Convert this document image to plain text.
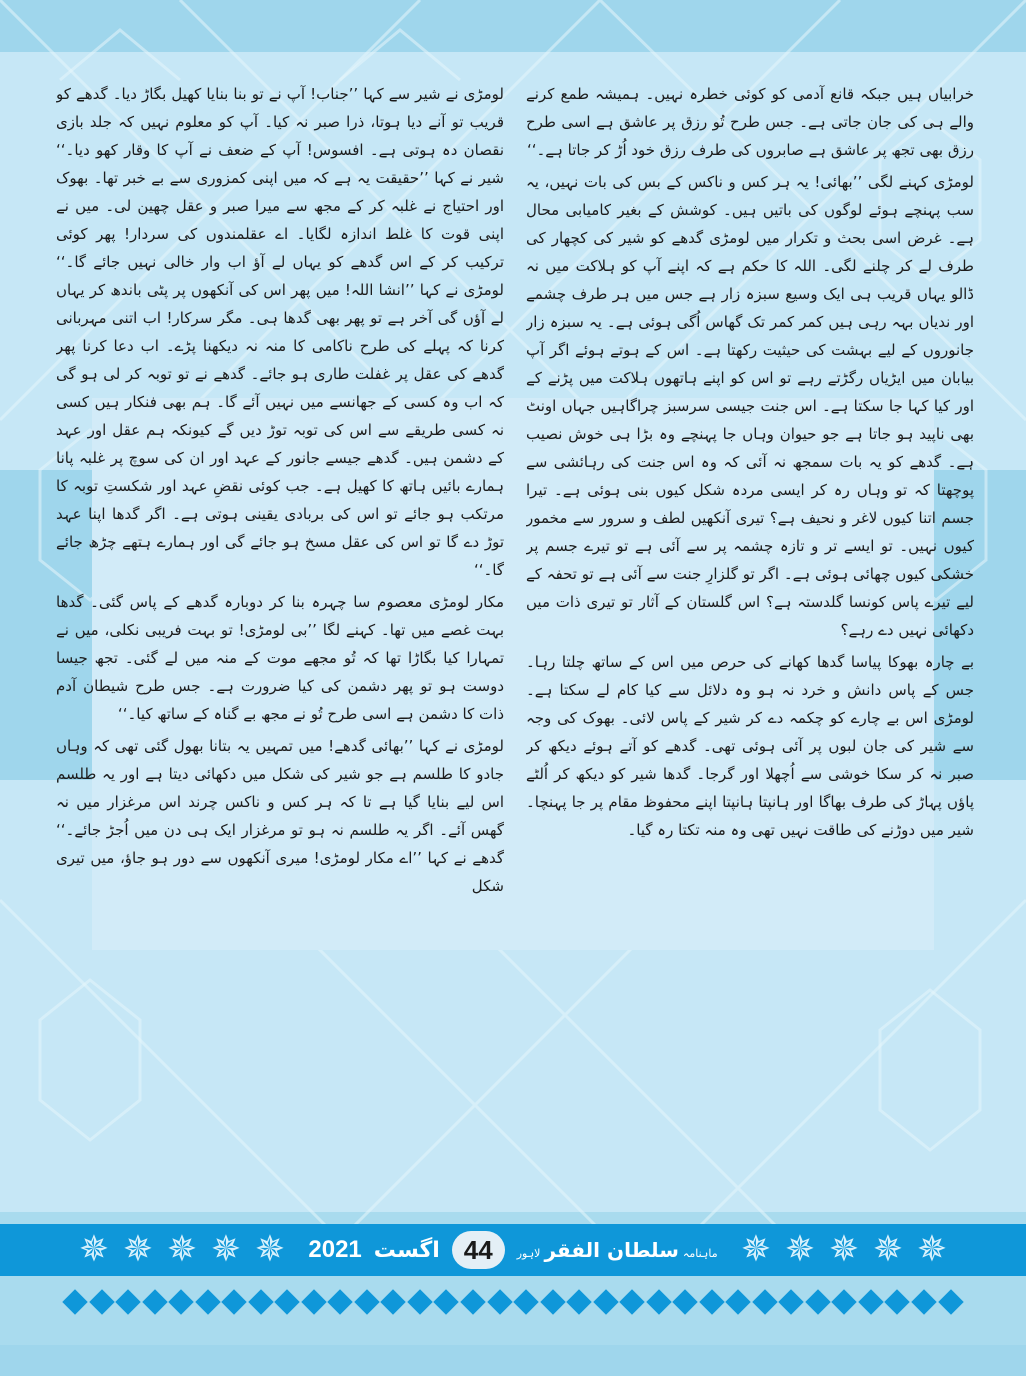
خرابیاں ہیں جبکہ قانع آدمی کو کوئی خطرہ نہیں۔ ہمیشہ طمع کرنے والے ہی کی جان جاتی ہے۔ جس طرح تُو رزق پر عاشق ہے اسی طرح رزق بھی تجھ پر عاشق ہے صابروں کی طرف رزق خود اُڑ کر جاتا ہے۔‘‘

لومڑی کہنے لگی ’’بھائی! یہ ہر کس و ناکس کے بس کی بات نہیں، یہ سب پہنچے ہوئے لوگوں کی باتیں ہیں۔ کوشش کے بغیر کامیابی محال ہے۔ غرض اسی بحث و تکرار میں لومڑی گدھے کو شیر کی کچھار کی طرف لے کر چلنے لگی۔ اللہ کا حکم ہے کہ اپنے آپ کو ہلاکت میں نہ ڈالو یہاں قریب ہی ایک وسیع سبزہ زار ہے جس میں ہر طرف چشمے اور ندیاں بہہ رہی ہیں کمر کمر تک گھاس اُگی ہوئی ہے۔ یہ سبزہ زار جانوروں کے لیے بہشت کی حیثیت رکھتا ہے۔ اس کے ہوتے ہوئے اگر آپ بیابان میں ایڑیاں رگڑتے رہے تو اس کو اپنے ہاتھوں ہلاکت میں پڑنے کے اور کیا کہا جا سکتا ہے۔ اس جنت جیسی سرسبز چراگاہیں جہاں اونٹ بھی ناپید ہو جاتا ہے جو حیوان وہاں جا پہنچے وہ بڑا ہی خوش نصیب ہے۔ گدھے کو یہ بات سمجھ نہ آئی کہ وہ اس جنت کی رہائشی سے پوچھتا کہ تو وہاں رہ کر ایسی مردہ شکل کیوں بنی ہوئی ہے۔ تیرا جسم اتنا کیوں لاغر و نحیف ہے؟ تیری آنکھیں لطف و سرور سے مخمور کیوں نہیں۔ تو ایسے تر و تازہ چشمہ پر سے آئی ہے تو تیرے جسم پر خشکی کیوں چھائی ہوئی ہے۔ اگر تو گلزارِ جنت سے آئی ہے تو تحفہ کے لیے تیرے پاس کونسا گلدستہ ہے؟ اس گلستان کے آثار تو تیری ذات میں دکھائی نہیں دے رہے؟

بے چارہ بھوکا پیاسا گدھا کھانے کی حرص میں اس کے ساتھ چلتا رہا۔ جس کے پاس دانش و خرد نہ ہو وہ دلائل سے کیا کام لے سکتا ہے۔ لومڑی اس بے چارے کو چکمہ دے کر شیر کے پاس لائی۔ بھوک کی وجہ سے شیر کی جان لبوں پر آئی ہوئی تھی۔ گدھے کو آتے ہوئے دیکھ کر صبر نہ کر سکا خوشی سے اُچھلا اور گرجا۔ گدھا شیر کو دیکھ کر اُلٹے پاؤں پہاڑ کی طرف بھاگا اور ہانپتا ہانپتا اپنے محفوظ مقام پر جا پہنچا۔ شیر میں دوڑنے کی طاقت نہیں تھی وہ منہ تکتا رہ گیا۔

لومڑی نے شیر سے کہا ’’جناب! آپ نے تو بنا بنایا کھیل بگاڑ دیا۔ گدھے کو قریب تو آنے دیا ہوتا، ذرا صبر نہ کیا۔ آپ کو معلوم نہیں کہ جلد بازی نقصان دہ ہوتی ہے۔ افسوس! آپ کے ضعف نے آپ کا وقار کھو دیا۔‘‘ شیر نے کہا ’’حقیقت یہ ہے کہ میں اپنی کمزوری سے بے خبر تھا۔ بھوک اور احتیاج نے غلبہ کر کے مجھ سے میرا صبر و عقل چھین لی۔ میں نے اپنی قوت کا غلط اندازہ لگایا۔ اے عقلمندوں کی سردار! پھر کوئی ترکیب کر کے اس گدھے کو یہاں لے آؤ اب وار خالی نہیں جائے گا۔‘‘ لومڑی نے کہا ’’انشا اللہ! میں پھر اس کی آنکھوں پر پٹی باندھ کر یہاں لے آؤں گی آخر ہے تو پھر بھی گدھا ہی۔ مگر سرکار! اب اتنی مہربانی کرنا کہ پہلے کی طرح ناکامی کا منہ نہ دیکھنا پڑے۔ اب دعا کرنا پھر گدھے کی عقل پر غفلت طاری ہو جائے۔ گدھے نے تو توبہ کر لی ہو گی کہ اب وہ کسی کے جھانسے میں نہیں آئے گا۔ ہم بھی فنکار ہیں کسی نہ کسی طریقے سے اس کی توبہ توڑ دیں گے کیونکہ ہم عقل اور عہد کے دشمن ہیں۔ گدھے جیسے جانور کے عہد اور ان کی سوچ پر غلبہ پانا ہمارے بائیں ہاتھ کا کھیل ہے۔ جب کوئی نقضِ عہد اور شکستِ توبہ کا مرتکب ہو جائے تو اس کی بربادی یقینی ہوتی ہے۔ اگر گدھا اپنا عہد توڑ دے گا تو اس کی عقل مسخ ہو جائے گی اور ہمارے ہتھے چڑھ جائے گا۔‘‘

مکار لومڑی معصوم سا چہرہ بنا کر دوبارہ گدھے کے پاس گئی۔ گدھا بہت غصے میں تھا۔ کہنے لگا ’’بی لومڑی! تو بہت فریبی نکلی، میں نے تمہارا کیا بگاڑا تھا کہ تُو مجھے موت کے منہ میں لے گئی۔ تجھ جیسا دوست ہو تو پھر دشمن کی کیا ضرورت ہے۔ جس طرح شیطان آدم ذات کا دشمن ہے اسی طرح تُو نے مجھ بے گناہ کے ساتھ کیا۔‘‘

لومڑی نے کہا ’’بھائی گدھے! میں تمہیں یہ بتانا بھول گئی تھی کہ وہاں جادو کا طلسم ہے جو شیر کی شکل میں دکھائی دیتا ہے اور یہ طلسم اس لیے بنایا گیا ہے تا کہ ہر کس و ناکس چرند اس مرغزار میں نہ گھس آئے۔ اگر یہ طلسم نہ ہو تو مرغزار ایک ہی دن میں اُجڑ جائے۔‘‘ گدھے نے کہا ’’اے مکار لومڑی! میری آنکھوں سے دور ہو جاؤ، میں تیری شکل

✵ ✵ ✵ ✵ ✵ 2021 اگست 44	لاہور سلطان الفقر ماہنامہ ✵ ✵ ✵ ✵ ✵
